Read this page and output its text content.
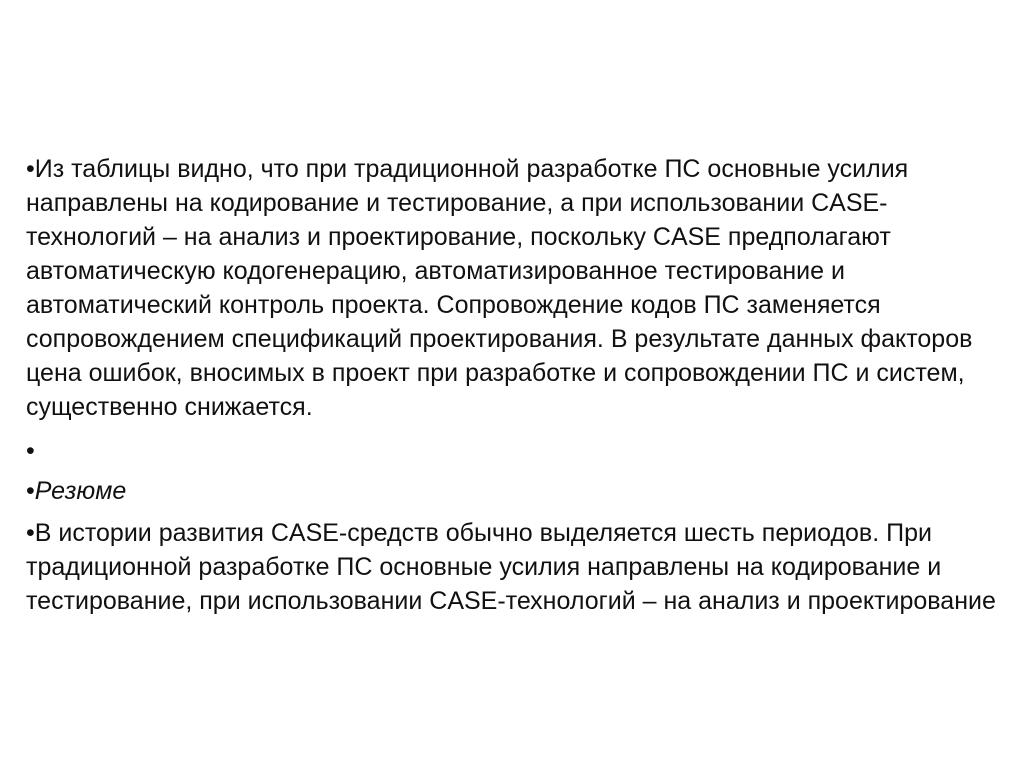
•Из таблицы видно, что при традиционной разработке ПС основные усилия направлены на кодирование и тестирование, а при использовании CASE-технологий – на анализ и проектирование, поскольку CASE предполагают автоматическую кодогенерацию, автоматизированное тестирование и автоматический контроль проекта. Сопровождение кодов ПС заменяется сопровождением спецификаций проектирования. В результате данных факторов цена ошибок, вносимых в проект при разработке и сопровождении ПС и систем, существенно снижается.
•
•Резюме
•В истории развития CASE-средств обычно выделяется шесть периодов. При традиционной разработке ПС основные усилия направлены на кодирование и тестирование, при использовании CASE-технологий – на анализ и проектирование
